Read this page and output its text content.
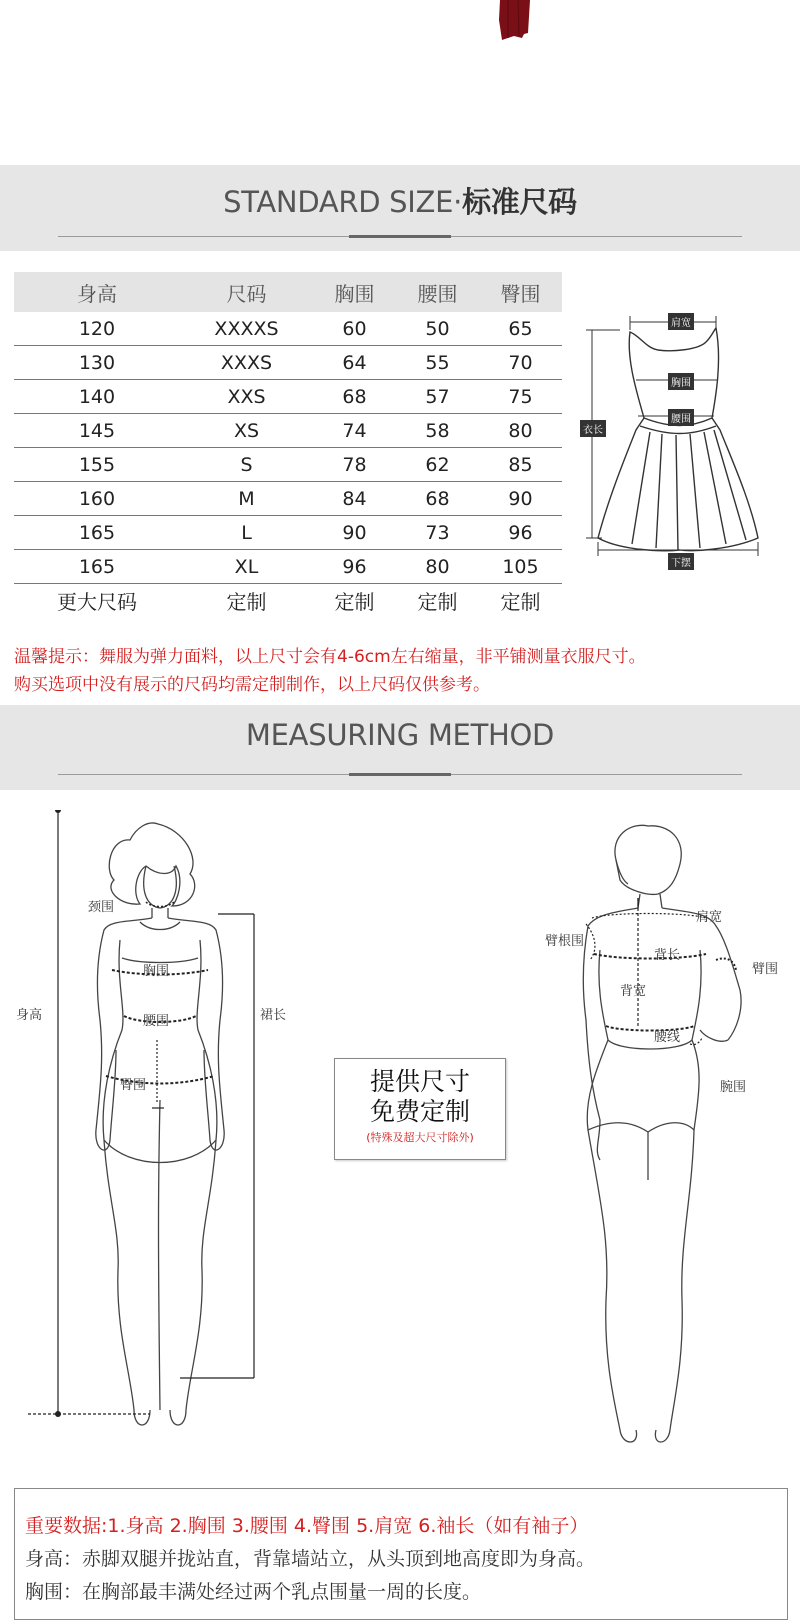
STANDARD SIZE·标准尺码
身高	尺码	胸围	腰围	臀围
120	XXXXS	60	50	65
130	XXXS	64	55	70
140	XXS	68	57	75
145	XS	74	58	80
155	S	78	62	85
160	M	84	68	90
165	L	90	73	96
165	XL	96	80	105
更大尺码	定制	定制	定制	定制
肩宽
胸围
衣长
腰围
下摆
温馨提示：舞服为弹力面料，以上尺寸会有4-6cm左右缩量，非平铺测量衣服尺寸。
购买选项中没有展示的尺码均需定制制作，以上尺码仅供参考。
MEASURING METHOD
颈围
胸围
腰围
臀围
身高	裙长
提供尺寸
免费定制
(特殊及超大尺寸除外)
肩宽
臂根围
背长
臂围
背宽
腰线
腕围
重要数据:1.身高 2.胸围 3.腰围 4.臀围 5.肩宽 6.袖长（如有袖子）
身高：赤脚双腿并拢站直，背靠墙站立，从头顶到地高度即为身高。
胸围：在胸部最丰满处经过两个乳点围量一周的长度。
